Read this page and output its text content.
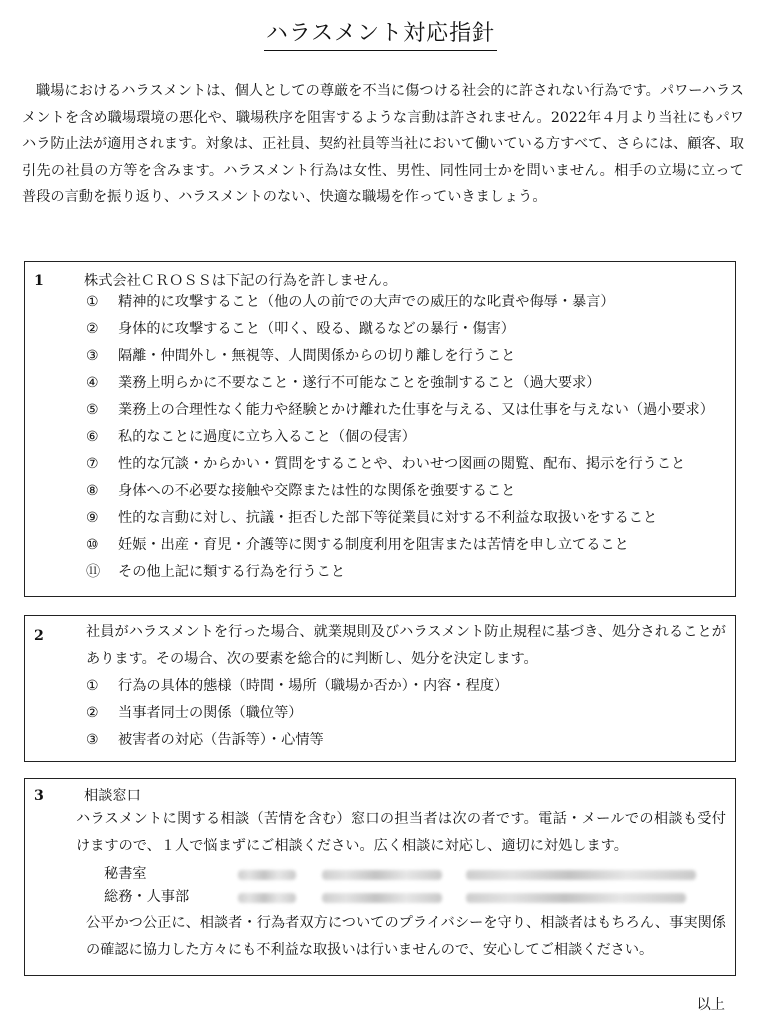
ハラスメント対応指針
職場におけるハラスメントは、個人としての尊厳を不当に傷つける社会的に許されない行為です。パワーハラスメントを含め職場環境の悪化や、職場秩序を阻害するような言動は許されません。2022年４月より当社にもパワハラ防止法が適用されます。対象は、正社員、契約社員等当社において働いている方すべて、さらには、顧客、取引先の社員の方等を含みます。ハラスメント行為は女性、男性、同性同士かを問いません。相手の立場に立って普段の言動を振り返り、ハラスメントのない、快適な職場を作っていきましょう。
1	株式会社ＣＲＯＳＳは下記の行為を許しません。
① 精神的に攻撃すること（他の人の前での大声での威圧的な叱責や侮辱・暴言）
② 身体的に攻撃すること（叩く、殴る、蹴るなどの暴行・傷害）
③ 隔離・仲間外し・無視等、人間関係からの切り離しを行うこと
④ 業務上明らかに不要なこと・遂行不可能なことを強制すること（過大要求）
⑤ 業務上の合理性なく能力や経験とかけ離れた仕事を与える、又は仕事を与えない（過小要求）
⑥ 私的なことに過度に立ち入ること（個の侵害）
⑦ 性的な冗談・からかい・質問をすることや、わいせつ図画の閲覧、配布、掲示を行うこと
⑧ 身体への不必要な接触や交際または性的な関係を強要すること
⑨ 性的な言動に対し、抗議・拒否した部下等従業員に対する不利益な取扱いをすること
⑩ 妊娠・出産・育児・介護等に関する制度利用を阻害または苦情を申し立てること
⑪ その他上記に類する行為を行うこと
2	社員がハラスメントを行った場合、就業規則及びハラスメント防止規程に基づき、処分されることがあります。その場合、次の要素を総合的に判断し、処分を決定します。
① 行為の具体的態様（時間・場所（職場か否か）・内容・程度）
② 当事者同士の関係（職位等）
③ 被害者の対応（告訴等）・心情等
3	相談窓口
ハラスメントに関する相談（苦情を含む）窓口の担当者は次の者です。電話・メールでの相談も受付けますので、１人で悩まずにご相談ください。広く相談に対応し、適切に対処します。
秘書室
総務・人事部
公平かつ公正に、相談者・行為者双方についてのプライバシーを守り、相談者はもちろん、事実関係の確認に協力した方々にも不利益な取扱いは行いませんので、安心してご相談ください。
以上
